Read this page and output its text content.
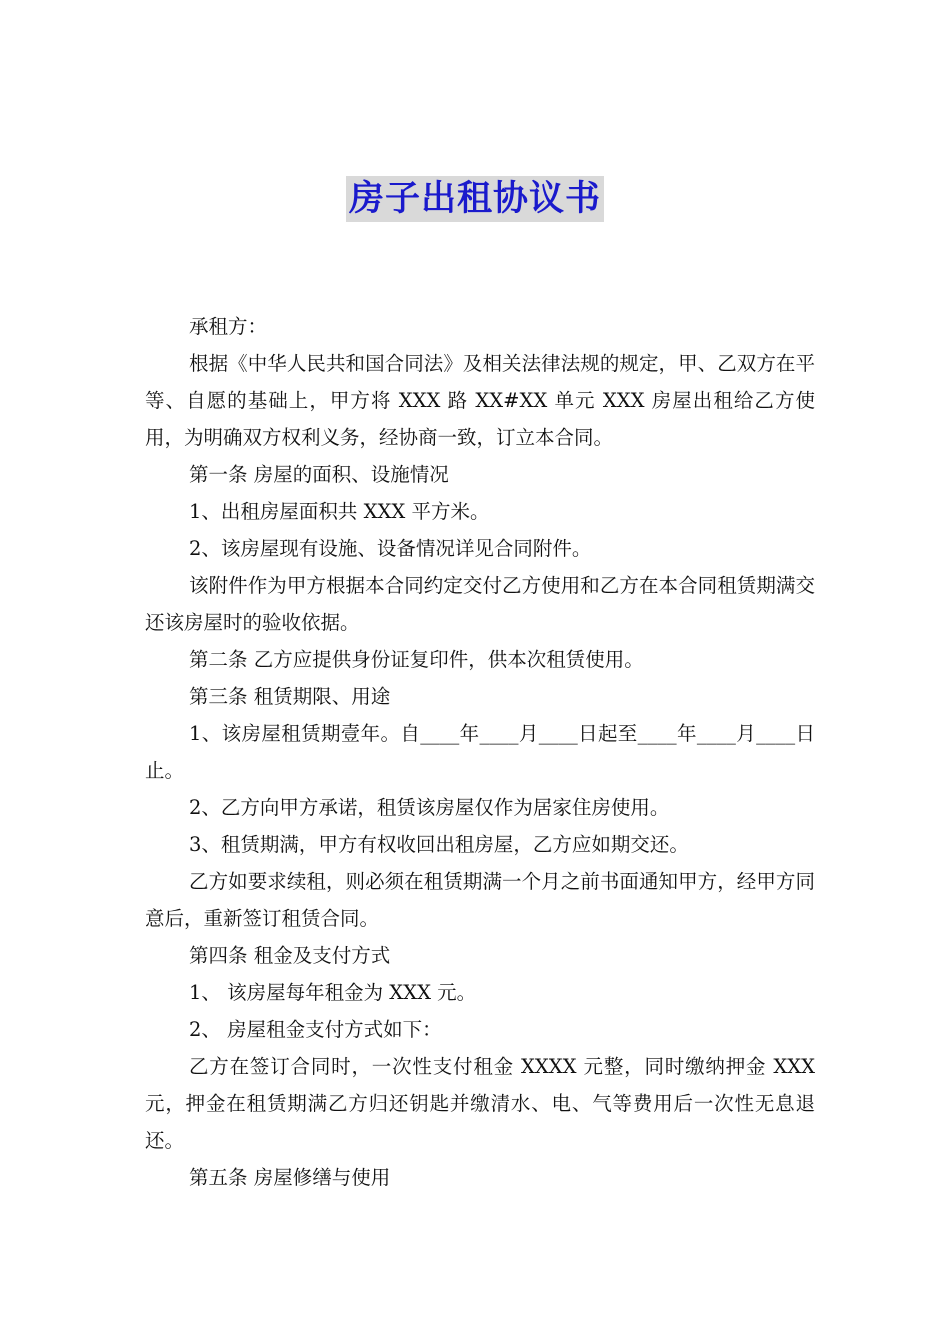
房子出租协议书

承租方：

根据《中华人民共和国合同法》及相关法律法规的规定，甲、乙双方在平等、自愿的基础上，甲方将 XXX 路 XX#XX 单元 XXX 房屋出租给乙方使用，为明确双方权利义务，经协商一致，订立本合同。

第一条 房屋的面积、设施情况

1、出租房屋面积共 XXX 平方米。

2、该房屋现有设施、设备情况详见合同附件。

该附件作为甲方根据本合同约定交付乙方使用和乙方在本合同租赁期满交还该房屋时的验收依据。

第二条 乙方应提供身份证复印件，供本次租赁使用。

第三条 租赁期限、用途

1、该房屋租赁期壹年。自____年____月____日起至____年____月____日止。

2、乙方向甲方承诺，租赁该房屋仅作为居家住房使用。

3、租赁期满，甲方有权收回出租房屋，乙方应如期交还。

乙方如要求续租，则必须在租赁期满一个月之前书面通知甲方，经甲方同意后，重新签订租赁合同。

第四条 租金及支付方式

1、 该房屋每年租金为 XXX 元。

2、 房屋租金支付方式如下：

乙方在签订合同时，一次性支付租金 XXXX 元整，同时缴纳押金 XXX 元，押金在租赁期满乙方归还钥匙并缴清水、电、气等费用后一次性无息退还。

第五条 房屋修缮与使用
